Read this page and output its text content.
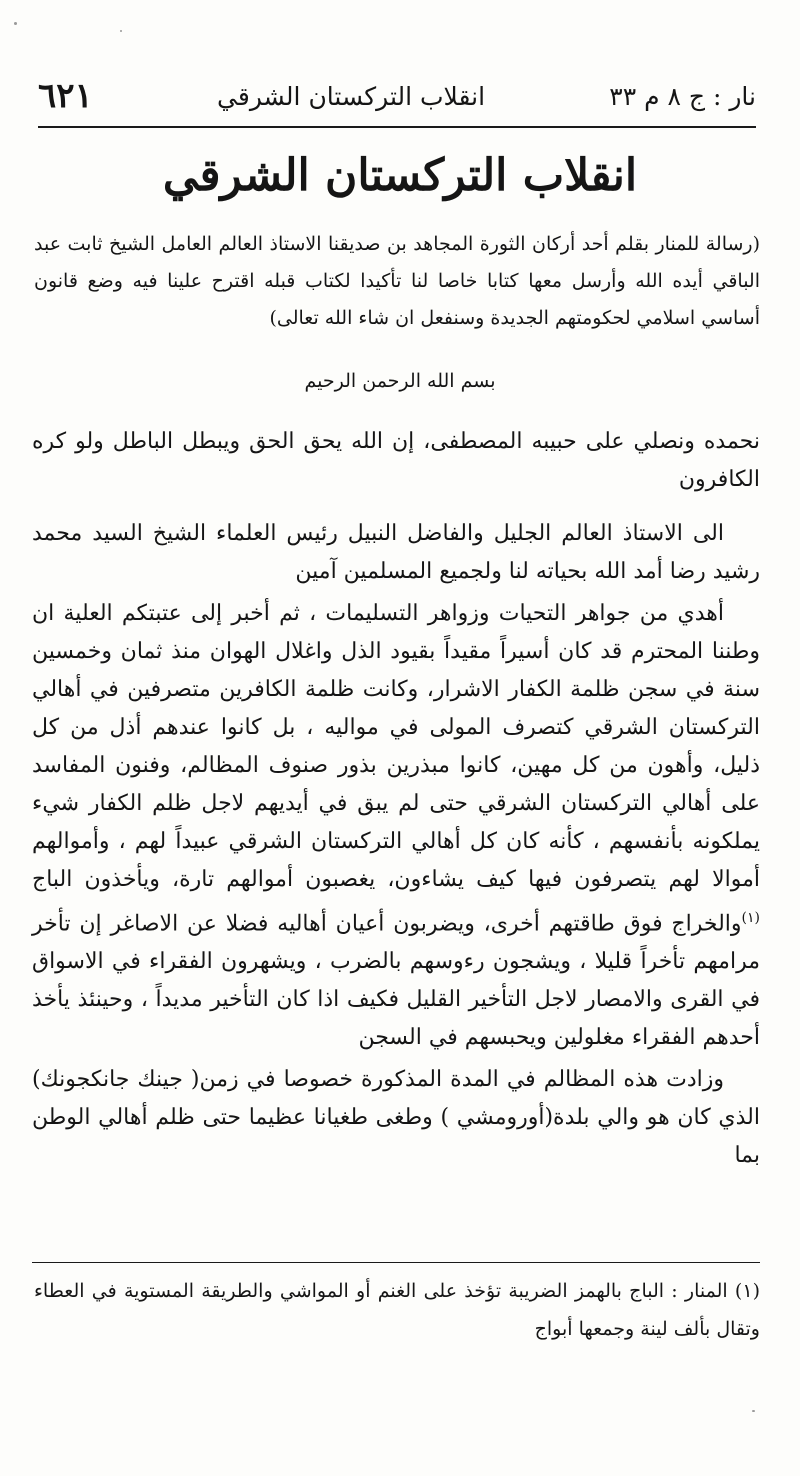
نار : ج ٨ م ٣٣
انقلاب التركستان الشرقي
٦٢١
انقلاب التركستان الشرقي

(رسالة للمنار بقلم أحد أركان الثورة المجاهد بن صديقنا الاستاذ العالم العامل الشيخ ثابت عبد الباقي أيده الله وأرسل معها كتابا خاصا لنا تأكيدا لكتاب قبله اقترح علينا فيه وضع قانون أساسي اسلامي لحكومتهم الجديدة وسنفعل ان شاء الله تعالى)

بسم الله الرحمن الرحيم

نحمده ونصلي على حبيبه المصطفى، إن الله يحق الحق ويبطل الباطل ولو كره الكافرون

الى الاستاذ العالم الجليل والفاضل النبيل رئيس العلماء الشيخ السيد محمد رشيد رضا أمد الله بحياته لنا ولجميع المسلمين آمين

أهدي من جواهر التحيات وزواهر التسليمات ، ثم أخبر إلى عتبتكم العلية ان وطننا المحترم قد كان أسيراً مقيداً بقيود الذل واغلال الهوان منذ ثمان وخمسين سنة في سجن ظلمة الكفار الاشرار، وكانت ظلمة الكافرين متصرفين في أهالي التركستان الشرقي كتصرف المولى في مواليه ، بل كانوا عندهم أذل من كل ذليل، وأهون من كل مهين، كانوا مبذرين بذور صنوف المظالم، وفنون المفاسد على أهالي التركستان الشرقي حتى لم يبق في أيديهم لاجل ظلم الكفار شيء يملكونه بأنفسهم ، كأنه كان كل أهالي التركستان الشرقي عبيداً لهم ، وأموالهم أموالا لهم يتصرفون فيها كيف يشاءون، يغصبون أموالهم تارة، ويأخذون الباج $^{(١)}$والخراج فوق طاقتهم أخرى، ويضربون أعيان أهاليه فضلا عن الاصاغر إن تأخر مرامهم تأخراً قليلا ، ويشجون رءوسهم بالضرب ، ويشهرون الفقراء في الاسواق في القرى والامصار لاجل التأخير القليل فكيف اذا كان التأخير مديداً ، وحينئذ يأخذ أحدهم الفقراء مغلولين ويحبسهم في السجن

وزادت هذه المظالم في المدة المذكورة خصوصا في زمن( جينك جانكجونك) الذي كان هو والي بلدة(أورومشي ) وطغى طغيانا عظيما حتى ظلم أهالي الوطن بما

(١) المنار : الباج بالهمز الضريبة تؤخذ على الغنم أو المواشي والطريقة المستوية في العطاء وتقال بألف لينة وجمعها أبواج
